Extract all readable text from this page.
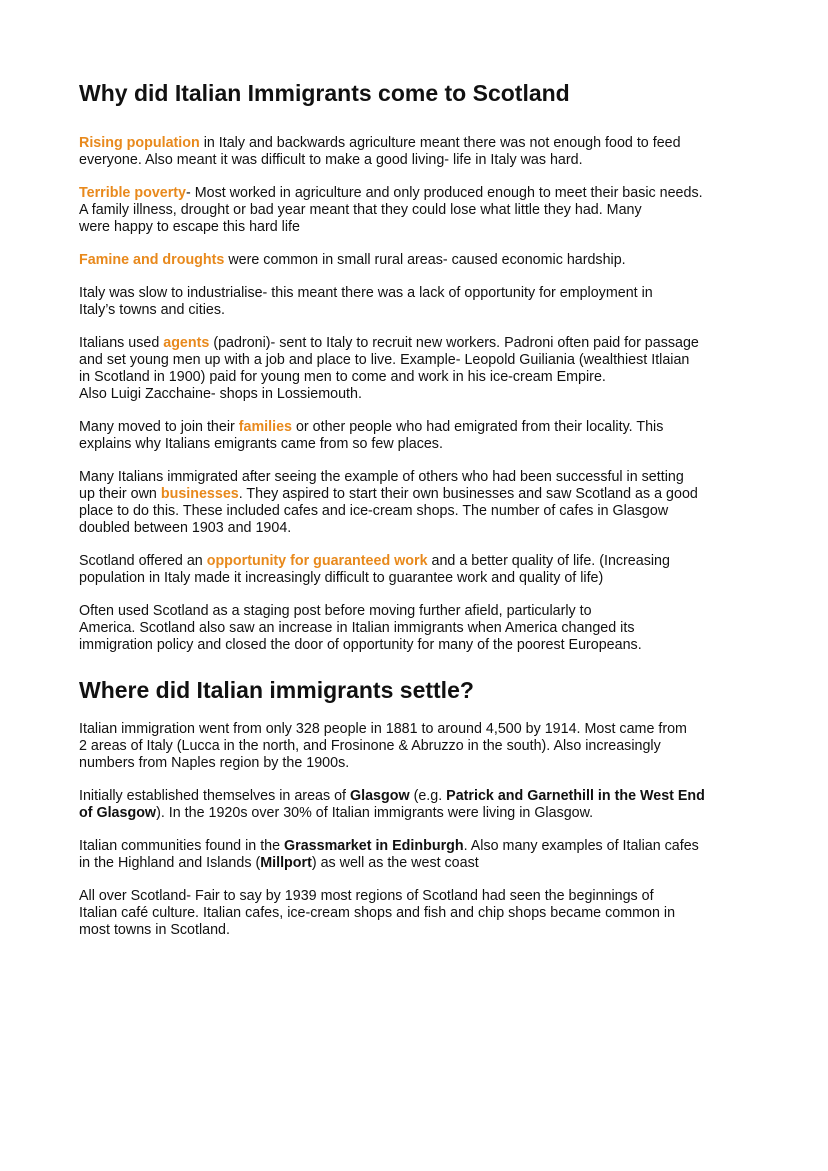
Why did Italian Immigrants come to Scotland

Rising population in Italy and backwards agriculture meant there was not enough food to feed
everyone. Also meant it was difficult to make a good living- life in Italy was hard.

Terrible poverty- Most worked in agriculture and only produced enough to meet their basic needs.
A family illness, drought or bad year meant that they could lose what little they had. Many
were happy to escape this hard life

Famine and droughts were common in small rural areas- caused economic hardship.

Italy was slow to industrialise- this meant there was a lack of opportunity for employment in
Italy’s towns and cities.

Italians used agents (padroni)- sent to Italy to recruit new workers. Padroni often paid for passage
and set young men up with a job and place to live. Example- Leopold Guiliania (wealthiest Itlaian
in Scotland in 1900) paid for young men to come and work in his ice-cream Empire.
Also Luigi Zacchaine- shops in Lossiemouth.

Many moved to join their families or other people who had emigrated from their locality. This
explains why Italians emigrants came from so few places.

Many Italians immigrated after seeing the example of others who had been successful in setting
up their own businesses. They aspired to start their own businesses and saw Scotland as a good
place to do this. These included cafes and ice-cream shops. The number of cafes in Glasgow
doubled between 1903 and 1904.

Scotland offered an opportunity for guaranteed work and a better quality of life. (Increasing
population in Italy made it increasingly difficult to guarantee work and quality of life)

Often used Scotland as a staging post before moving further afield, particularly to
America. Scotland also saw an increase in Italian immigrants when America changed its
immigration policy and closed the door of opportunity for many of the poorest Europeans.

Where did Italian immigrants settle?

Italian immigration went from only 328 people in 1881 to around 4,500 by 1914. Most came from
2 areas of Italy (Lucca in the north, and Frosinone & Abruzzo in the south). Also increasingly
numbers from Naples region by the 1900s.

Initially established themselves in areas of Glasgow (e.g. Patrick and Garnethill in the West End
of Glasgow). In the 1920s over 30% of Italian immigrants were living in Glasgow.

Italian communities found in the Grassmarket in Edinburgh. Also many examples of Italian cafes
in the Highland and Islands (Millport) as well as the west coast

All over Scotland- Fair to say by 1939 most regions of Scotland had seen the beginnings of
Italian café culture. Italian cafes, ice-cream shops and fish and chip shops became common in
most towns in Scotland.
